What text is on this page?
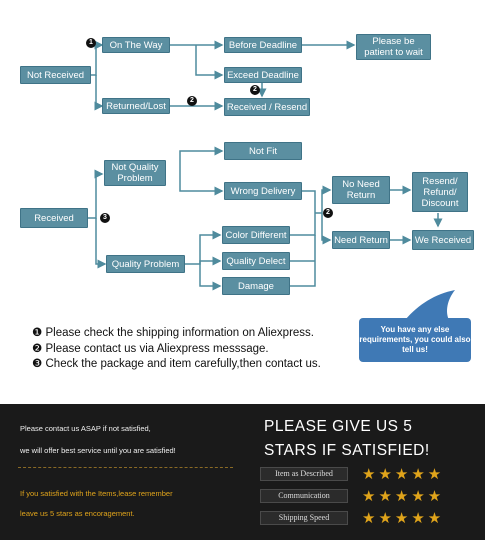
Not Received
On The Way	Before Deadline	Please be patient to wait
Exceed Deadline
Returned/Lost	Received / Resend
Received
Not Quality Problem
Not Fit
Wrong Delivery
Quality Problem
Color Different
Quality Delect
Damage
No Need Return
Need Return
Resend/ Refund/ Discount
We Received
1
2
2
3
2
❶ Please check the shipping information on Aliexpress.
❷ Please contact us via Aliexpress messsage.
❸ Check the package and item carefully,then contact us.
You have any else requirements, you could also tell us!
Please contact us ASAP if not satisfied,
we will offer best service until you are satisfied!
If you satisfied with the Items,lease remember
leave us 5 stars as encoragement.
PLEASE GIVE US 5
STARS IF SATISFIED!
Item as Described	★★★★★
Communication	★★★★★
Shipping Speed	★★★★★
